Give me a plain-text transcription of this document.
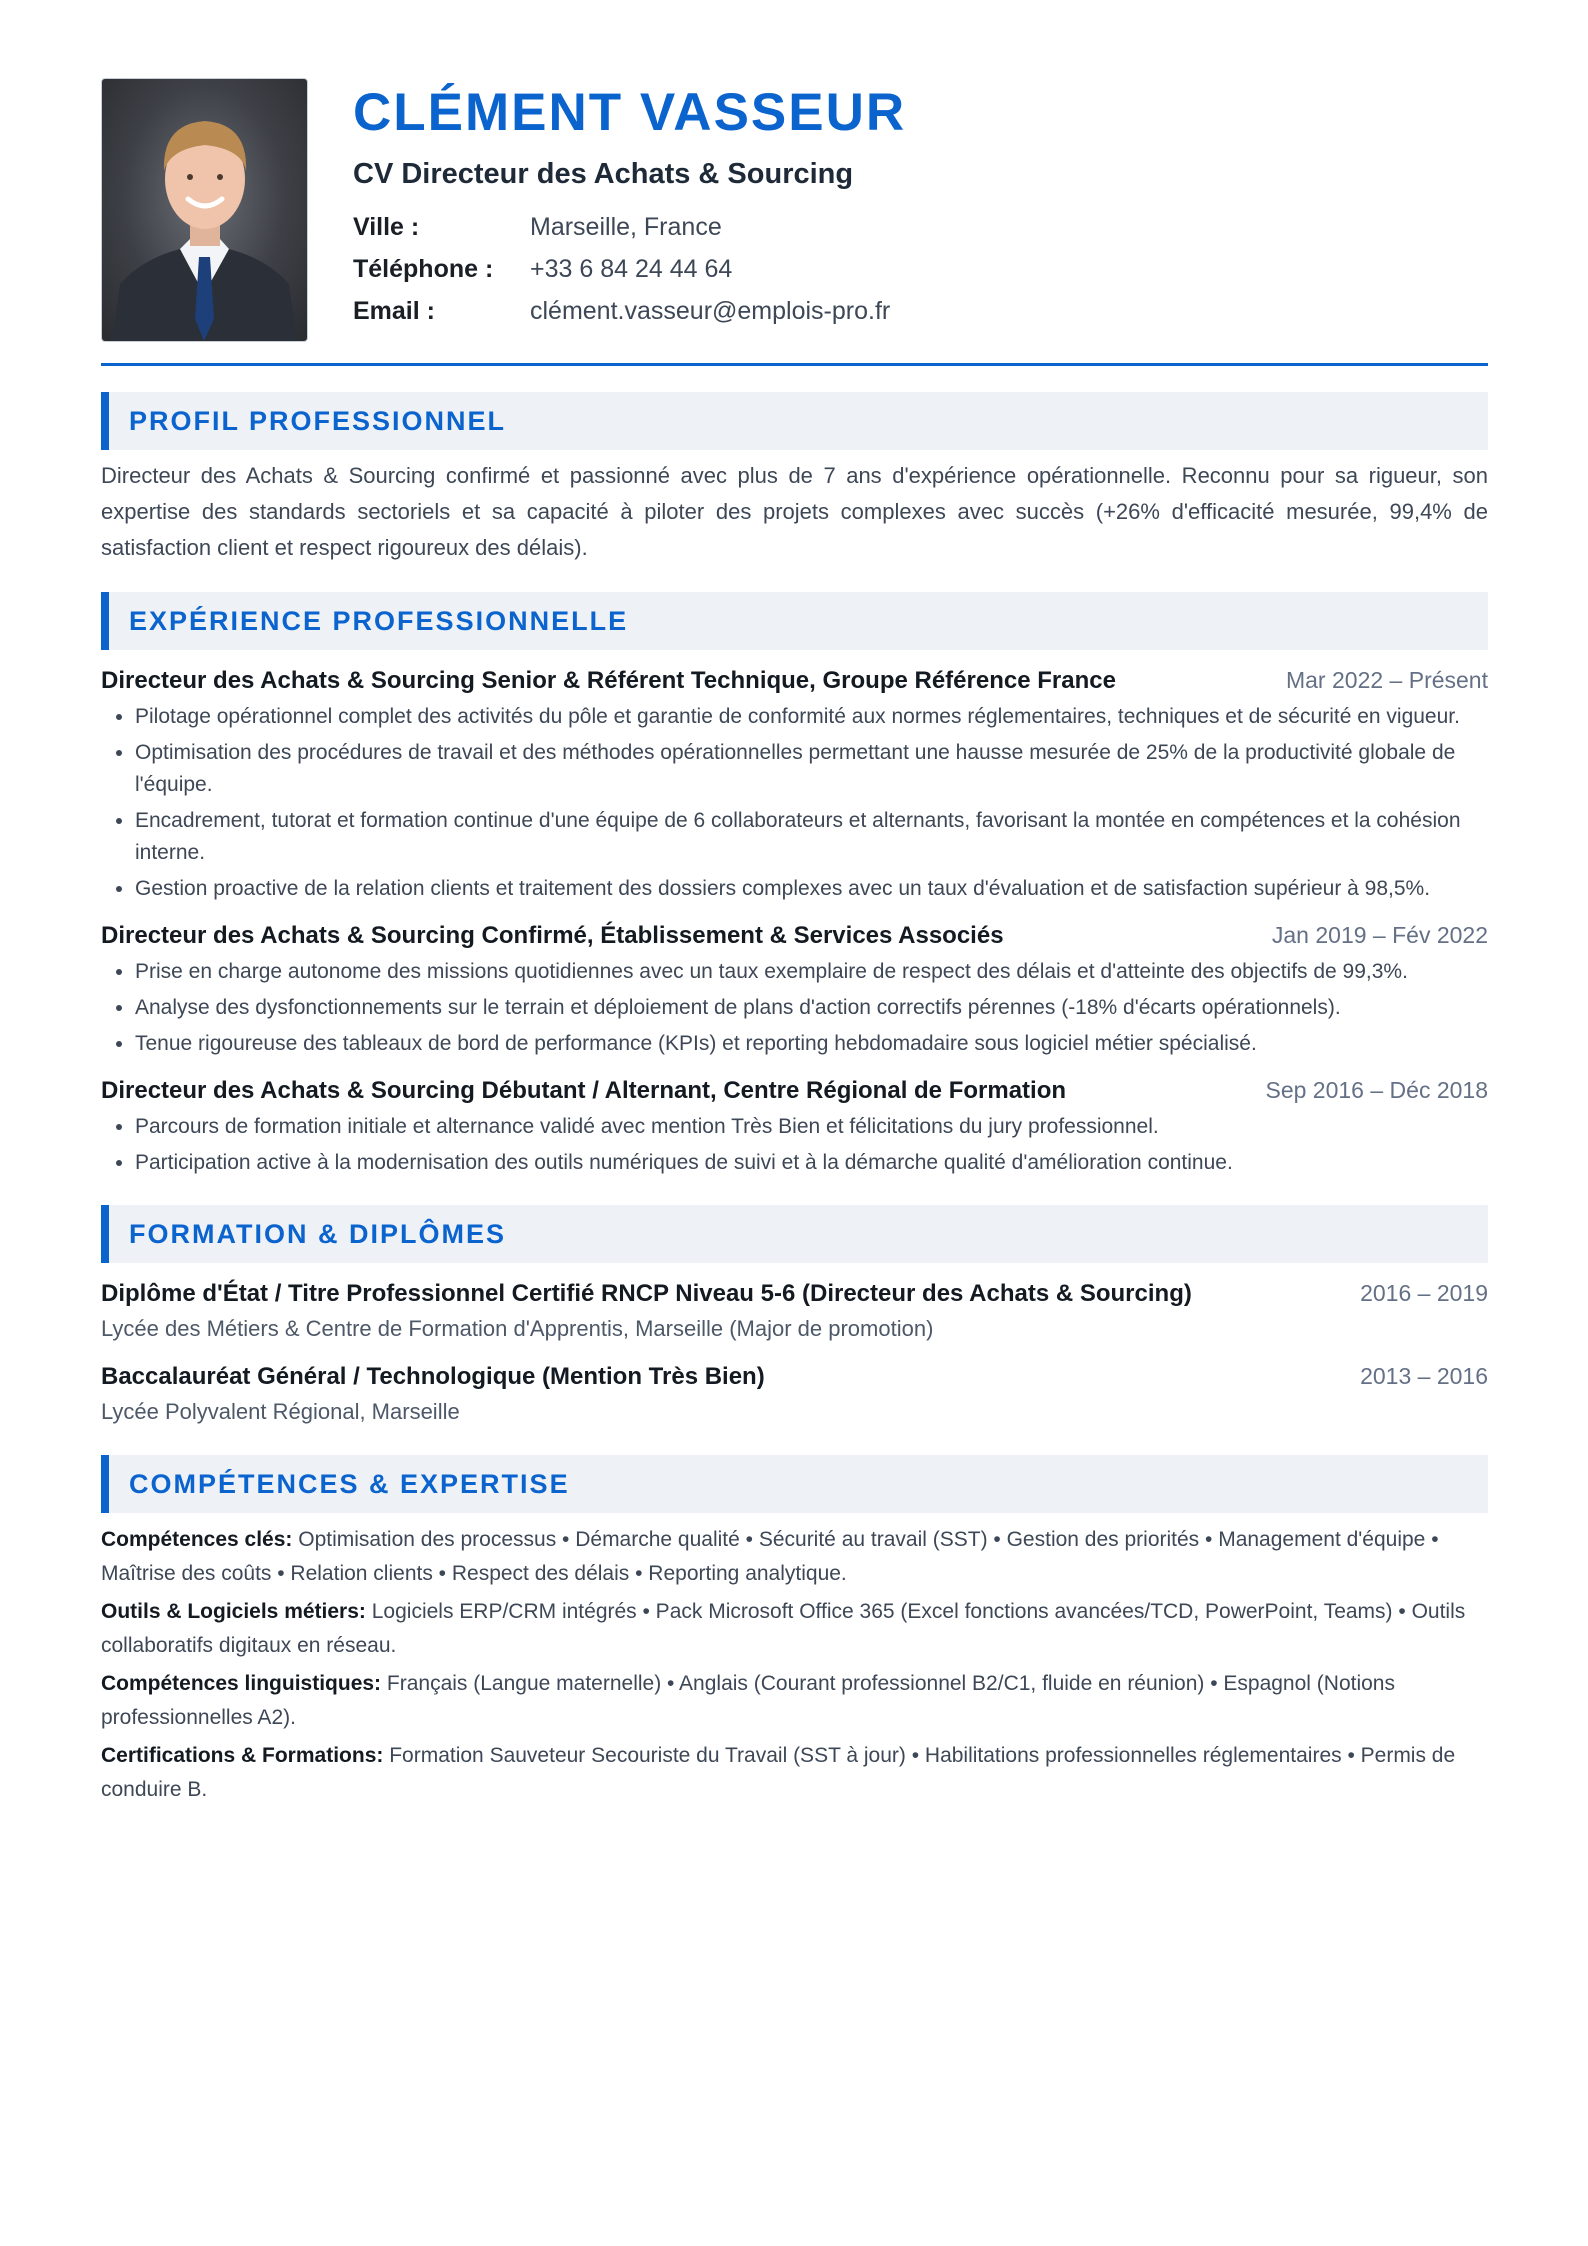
CLÉMENT VASSEUR
CV Directeur des Achats & Sourcing
Ville :	Marseille, France
Téléphone :	+33 6 84 24 44 64
Email :	clément.vasseur@emplois-pro.fr
PROFIL PROFESSIONNEL
Directeur des Achats & Sourcing confirmé et passionné avec plus de 7 ans d'expérience opérationnelle. Reconnu pour sa rigueur, son expertise des standards sectoriels et sa capacité à piloter des projets complexes avec succès (+26% d'efficacité mesurée, 99,4% de satisfaction client et respect rigoureux des délais).
EXPÉRIENCE PROFESSIONNELLE
Directeur des Achats & Sourcing Senior & Référent Technique, Groupe Référence France	Mar 2022 – Présent
• Pilotage opérationnel complet des activités du pôle et garantie de conformité aux normes réglementaires, techniques et de sécurité en vigueur.
• Optimisation des procédures de travail et des méthodes opérationnelles permettant une hausse mesurée de 25% de la productivité globale de l'équipe.
• Encadrement, tutorat et formation continue d'une équipe de 6 collaborateurs et alternants, favorisant la montée en compétences et la cohésion interne.
• Gestion proactive de la relation clients et traitement des dossiers complexes avec un taux d'évaluation et de satisfaction supérieur à 98,5%.
Directeur des Achats & Sourcing Confirmé, Établissement & Services Associés	Jan 2019 – Fév 2022
• Prise en charge autonome des missions quotidiennes avec un taux exemplaire de respect des délais et d'atteinte des objectifs de 99,3%.
• Analyse des dysfonctionnements sur le terrain et déploiement de plans d'action correctifs pérennes (-18% d'écarts opérationnels).
• Tenue rigoureuse des tableaux de bord de performance (KPIs) et reporting hebdomadaire sous logiciel métier spécialisé.
Directeur des Achats & Sourcing Débutant / Alternant, Centre Régional de Formation	Sep 2016 – Déc 2018
• Parcours de formation initiale et alternance validé avec mention Très Bien et félicitations du jury professionnel.
• Participation active à la modernisation des outils numériques de suivi et à la démarche qualité d'amélioration continue.
FORMATION & DIPLÔMES
Diplôme d'État / Titre Professionnel Certifié RNCP Niveau 5-6 (Directeur des Achats & Sourcing)	2016 – 2019
Lycée des Métiers & Centre de Formation d'Apprentis, Marseille (Major de promotion)
Baccalauréat Général / Technologique (Mention Très Bien)	2013 – 2016
Lycée Polyvalent Régional, Marseille
COMPÉTENCES & EXPERTISE
Compétences clés: Optimisation des processus • Démarche qualité • Sécurité au travail (SST) • Gestion des priorités • Management d'équipe • Maîtrise des coûts • Relation clients • Respect des délais • Reporting analytique.
Outils & Logiciels métiers: Logiciels ERP/CRM intégrés • Pack Microsoft Office 365 (Excel fonctions avancées/TCD, PowerPoint, Teams) • Outils collaboratifs digitaux en réseau.
Compétences linguistiques: Français (Langue maternelle) • Anglais (Courant professionnel B2/C1, fluide en réunion) • Espagnol (Notions professionnelles A2).
Certifications & Formations: Formation Sauveteur Secouriste du Travail (SST à jour) • Habilitations professionnelles réglementaires • Permis de conduire B.
